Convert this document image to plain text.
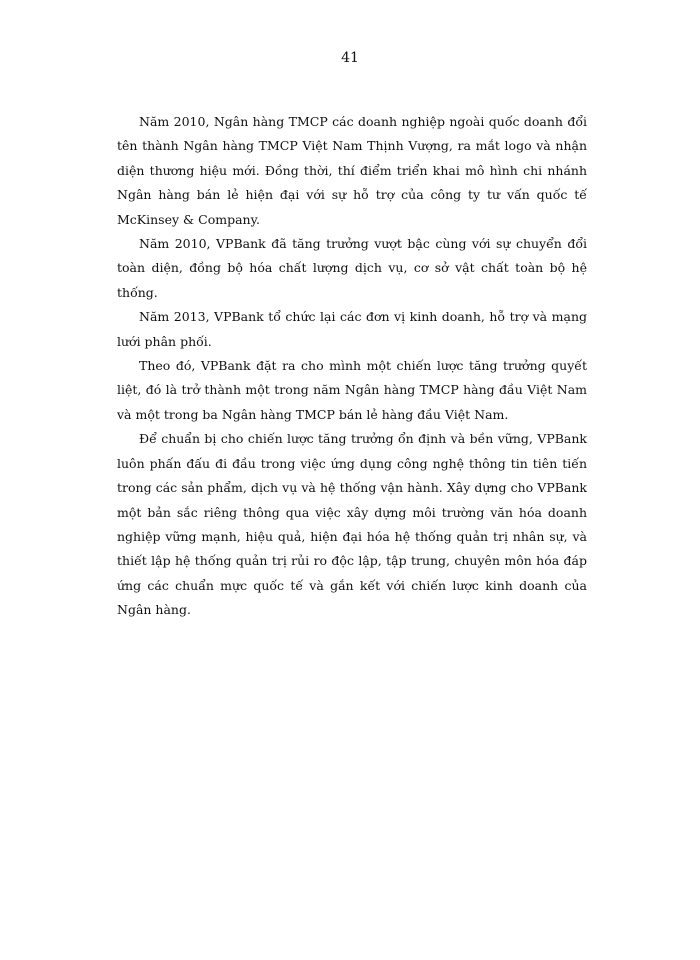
41

Năm 2010, Ngân hàng TMCP các doanh nghiệp ngoài quốc doanh đổi tên thành Ngân hàng TMCP Việt Nam Thịnh Vượng, ra mắt logo và nhận diện thương hiệu mới. Đồng thời, thí điểm triển khai mô hình chi nhánh Ngân hàng bán lẻ hiện đại với sự hỗ trợ của công ty tư vấn quốc tế McKinsey & Company.

Năm 2010, VPBank đã tăng trưởng vượt bậc cùng với sự chuyển đổi toàn diện, đồng bộ hóa chất lượng dịch vụ, cơ sở vật chất toàn bộ hệ thống.

Năm 2013, VPBank tổ chức lại các đơn vị kinh doanh, hỗ trợ và mạng lưới phân phối.

Theo đó, VPBank đặt ra cho mình một chiến lược tăng trưởng quyết liệt, đó là trở thành một trong năm Ngân hàng TMCP hàng đầu Việt Nam và một trong ba Ngân hàng TMCP bán lẻ hàng đầu Việt Nam.

Để chuẩn bị cho chiến lược tăng trưởng ổn định và bền vững, VPBank luôn phấn đấu đi đầu trong việc ứng dụng công nghệ thông tin tiên tiến trong các sản phẩm, dịch vụ và hệ thống vận hành. Xây dựng cho VPBank một bản sắc riêng thông qua việc xây dựng môi trường văn hóa doanh nghiệp vững mạnh, hiệu quả, hiện đại hóa hệ thống quản trị nhân sự, và thiết lập hệ thống quản trị rủi ro độc lập, tập trung, chuyên môn hóa đáp ứng các chuẩn mực quốc tế và gắn kết với chiến lược kinh doanh của Ngân hàng.
